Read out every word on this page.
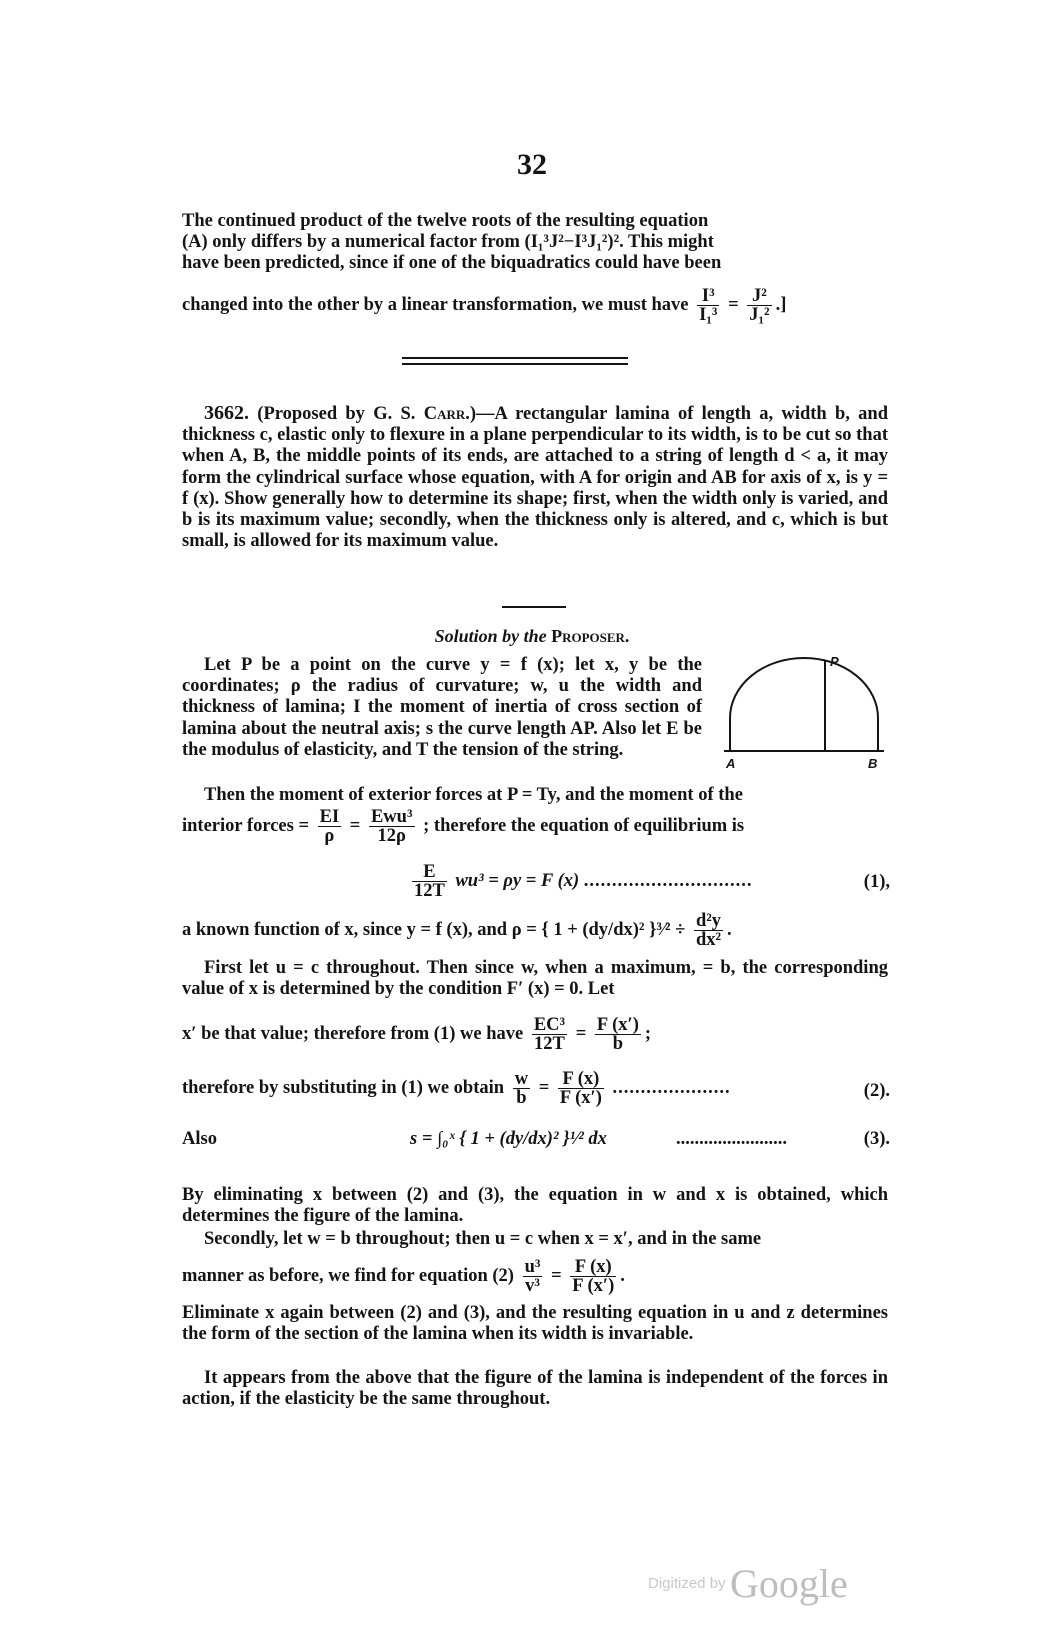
32
The continued product of the twelve roots of the resulting equation
(A) only differs by a numerical factor from (I₁³J²−I³J₁²)². This might
have been predicted, since if one of the biquadratics could have been
changed into the other by a linear transformation, we must have $\frac{\text{I³}}{\text{I₁³}} = \frac{\text{J²}}{\text{J₁²}}$ .]
3662. (Proposed by G. S. Carr.)—A rectangular lamina of length a, width b, and thickness c, elastic only to flexure in a plane perpendicular to its width, is to be cut so that when A, B, the middle points of its ends, are attached to a string of length d < a, it may form the cylindrical surface whose equation, with A for origin and AB for axis of x, is y = f (x). Show generally how to determine its shape; first, when the width only is varied, and b is its maximum value; secondly, when the thickness only is altered, and c, which is but small, is allowed for its maximum value.
Solution by the Proposer.
P
A	B
Let P be a point on the curve y = f (x); let x, y be the coordinates; ρ the radius of curvature; w, u the width and thickness of lamina; I the moment of inertia of cross section of lamina about the neutral axis; s the curve length AP. Also let E be the modulus of elasticity, and T the tension of the string.
Then the moment of exterior forces at P = Ty, and the moment of the
interior forces = $\frac{EI}{\rho} = \frac{\text{Ewu³}}{12\rho}$ ; therefore the equation of equilibrium is
$\frac{E}{12T} wu^3 = \rho y = F$ (x) ..............................	(1),
a known function of x, since y = f (x), and ρ = { 1 + (dy/dx)² }³⁄² ÷ $\frac{\text{d²y}}{\text{dx²}}$ .
First let u = c throughout. Then since w, when a maximum, = b, the corresponding value of x is determined by the condition F′ (x) = 0. Let
x′ be that value; therefore from (1) we have $\frac{\text{EC³}}{12T} = \frac{F (x')}{b}$ ;
therefore by substituting in (1) we obtain $\frac{w}{b} = \frac{F (x)}{F (x')}$ .....................	(2).
Also	s = ∫₀ˣ { 1 + (dy/dx)² }¹⁄² dx	........................	(3).
By eliminating x between (2) and (3), the equation in w and x is obtained, which determines the figure of the lamina.
Secondly, let w = b throughout; then u = c when x = x′, and in the same
manner as before, we find for equation $(2) \frac{\text{u³}}{\text{v³}} = \frac{F (x)}{F (x')}$ .
Eliminate x again between (2) and (3), and the resulting equation in u and z determines the form of the section of the lamina when its width is invariable.
It appears from the above that the figure of the lamina is independent of the forces in action, if the elasticity be the same throughout.
Digitized by Google
